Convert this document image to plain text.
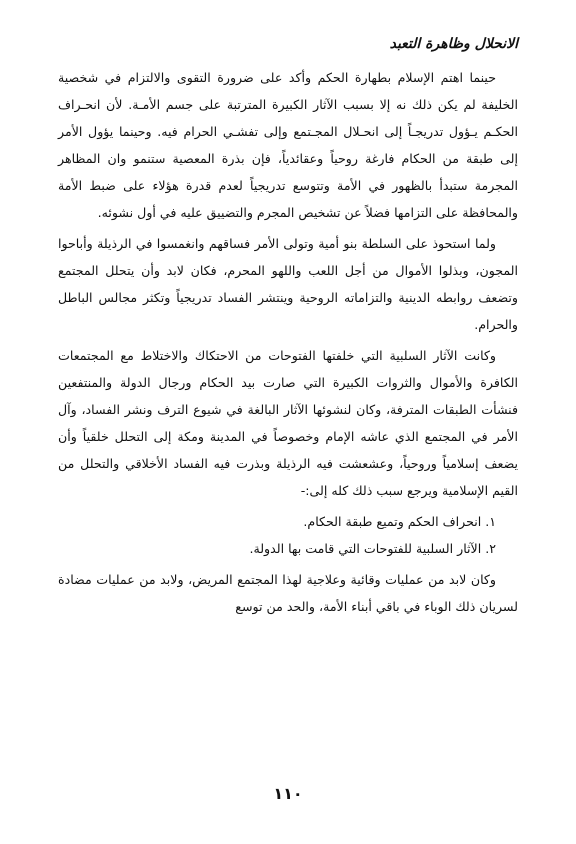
الانحلال وظاهرة التعبد

حينما اهتم الإسلام بطهارة الحكم وأكد على ضرورة التقوى والالتزام في شخصية الخليفة لم يكن ذلك نه إلا بسبب الآثار الكبيرة المترتبة على جسم الأمـة. لأن انحـراف الحكـم يـؤول تدريجـاً إلى انحـلال المجـتمع وإلى تفشـي الحرام فيه. وحينما يؤول الأمر إلى طبقة من الحكام فارغة روحياً وعقائدياً، فإن بذرة المعصية ستنمو وان المظاهر المجرمة ستبدأ بالظهور في الأمة وتتوسع تدريجياً لعدم قدرة هؤلاء على ضبط الأمة والمحافظة على التزامها فضلاً عن تشخيص المجرم والتضييق عليه في أول نشوئه.

ولما استحوذ على السلطة بنو أمية وتولى الأمر فساقهم وانغمسوا في الرذيلة وأباحوا المجون، وبذلوا الأموال من أجل اللعب واللهو المحرم، فكان لابد وأن يتحلل المجتمع وتضعف روابطه الدينية والتزاماته الروحية وينتشر الفساد تدريجياً وتكثر مجالس الباطل والحرام.

وكانت الآثار السلبية التي خلفتها الفتوحات من الاحتكاك والاختلاط مع المجتمعات الكافرة والأموال والثروات الكبيرة التي صارت بيد الحكام ورجال الدولة والمنتفعين فنشأت الطبقات المترفة، وكان لنشوئها الآثار البالغة في شيوع الترف ونشر الفساد، وآل الأمر في المجتمع الذي عاشه الإمام وخصوصاً في المدينة ومكة إلى التحلل خلقياً وأن يضعف إسلامياً وروحياً، وعشعشت فيه الرذيلة وبذرت فيه الفساد الأخلاقي والتحلل من القيم الإسلامية ويرجع سبب ذلك كله إلى:-

١. انحراف الحكم وتميع طبقة الحكام.
٢. الآثار السلبية للفتوحات التي قامت بها الدولة.

وكان لابد من عمليات وقائية وعلاجية لهذا المجتمع المريض، ولابد من عمليات مضادة لسريان ذلك الوباء في باقي أبناء الأمة، والحد من توسع

١١٠
